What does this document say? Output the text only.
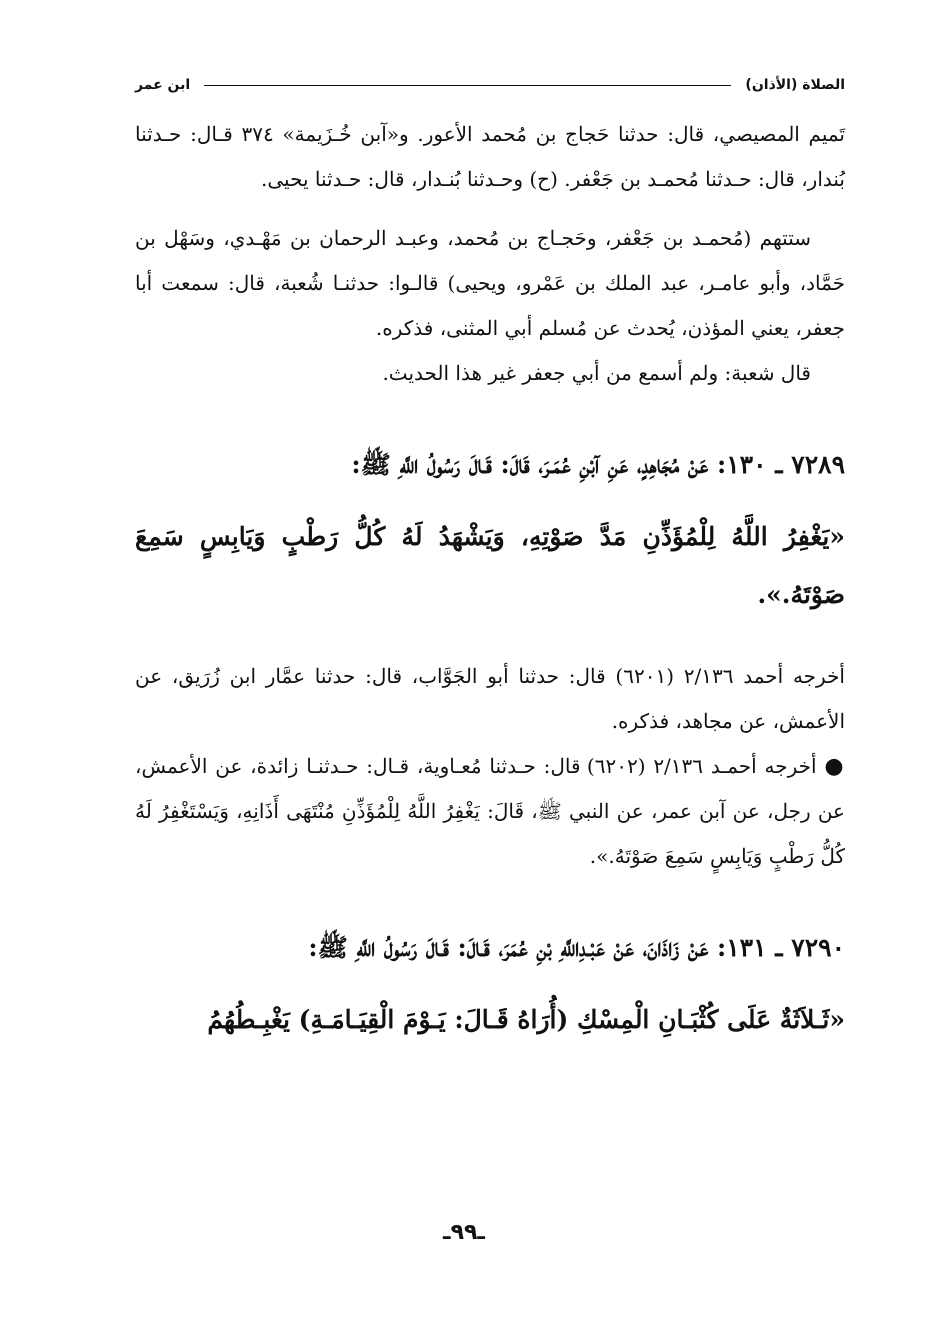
الصلاة (الأذان)
ابن عمر

تَميم المصيصي، قال: حدثنا حَجاج بن مُحمد الأعور. و«آبن خُـزَيمة» ٣٧٤ قـال: حـدثنا بُندار، قال: حـدثنا مُحمـد بن جَعْفر. (ح) وحـدثنا بُنـدار، قال: حـدثنا يحيى.

ستتهم (مُحمـد بن جَعْفر، وحَجـاج بن مُحمد، وعبـد الرحمان بن مَهْـدي، وسَهْل بن حَمَّاد، وأبو عامـر، عبد الملك بن عَمْرو، ويحيى) قالـوا: حدثنـا شُعبة، قال: سمعت أبا جعفر، يعني المؤذن، يُحدث عن مُسلم أبي المثنى، فذكره.

قال شعبة: ولم أسمع من أبي جعفر غير هذا الحديث.

٧٢٨٩ ـ ١٣٠: عَنْ مُجَاهِدٍ، عَنِ آبْنِ عُمَـرَ، قَالَ: قَـالَ رَسُولُ اللَّهِ ﷺ:

«يَغْفِرُ اللَّهُ لِلْمُؤَذِّنِ مَدَّ صَوْتِهِ، وَيَشْهَدُ لَهُ كُلُّ رَطْبٍ وَيَابِسٍ سَمِعَ صَوْتَهُ.».

أخرجه أحمد ٢/١٣٦ (٦٢٠١) قال: حدثنا أبو الجَوَّاب، قال: حدثنا عمَّار ابن زُرَيق، عن الأعمش، عن مجاهد، فذكره.

● أخرجه أحمـد ٢/١٣٦ (٦٢٠٢) قال: حـدثنا مُعـاوية، قـال: حـدثنـا زائدة، عن الأعمش، عن رجل، عن آبن عمر، عن النبي ﷺ، قَالَ: يَغْفِرُ اللَّهُ لِلْمُؤَذِّنِ مُنْتَهَى أَذَانِهِ، وَيَسْتَغْفِرُ لَهُ كُلُّ رَطْبٍ وَيَابِسٍ سَمِعَ صَوْتَهُ.».

٧٢٩٠ ـ ١٣١: عَنْ زَاذَانَ، عَنْ عَبْـدِاللَّهِ بْنِ عُمَرَ، قَـالَ: قَـالَ رَسُولُ اللَّهِ ﷺ:

«ثَـلاَثَةٌ عَلَى كُثْبَـانِ الْمِسْكِ (أُرَاهُ قَـالَ: يَـوْمَ الْقِيَـامَـةِ) يَغْبِـطُهُمُ

ـ٩٩ـ
